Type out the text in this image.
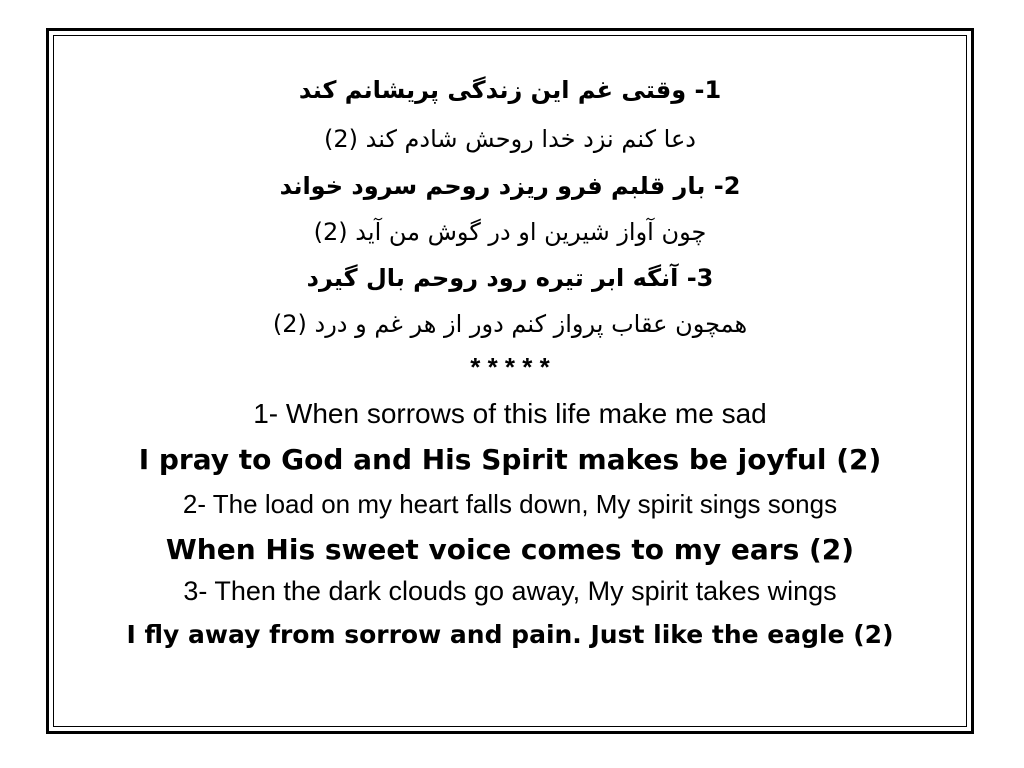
1- وقتی غم این زندگی پریشانم کند
دعا کنم نزد خدا روحش شادم کند (2)
2- بار قلبم فرو ریزد روحم سرود خواند
چون آواز شیرین او در گوش من آید (2)
3- آنگه ابر تیره رود روحم بال گیرد
همچون عقاب پرواز کنم دور از هر غم و درد (2)
* * * * *
1- When sorrows of this life make me sad
I pray to God and His Spirit makes be joyful (2)
2- The load on my heart falls down, My spirit sings songs
When His sweet voice comes to my ears (2)
3- Then the dark clouds go away, My spirit takes wings
I fly away from sorrow and pain. Just like the eagle (2)
